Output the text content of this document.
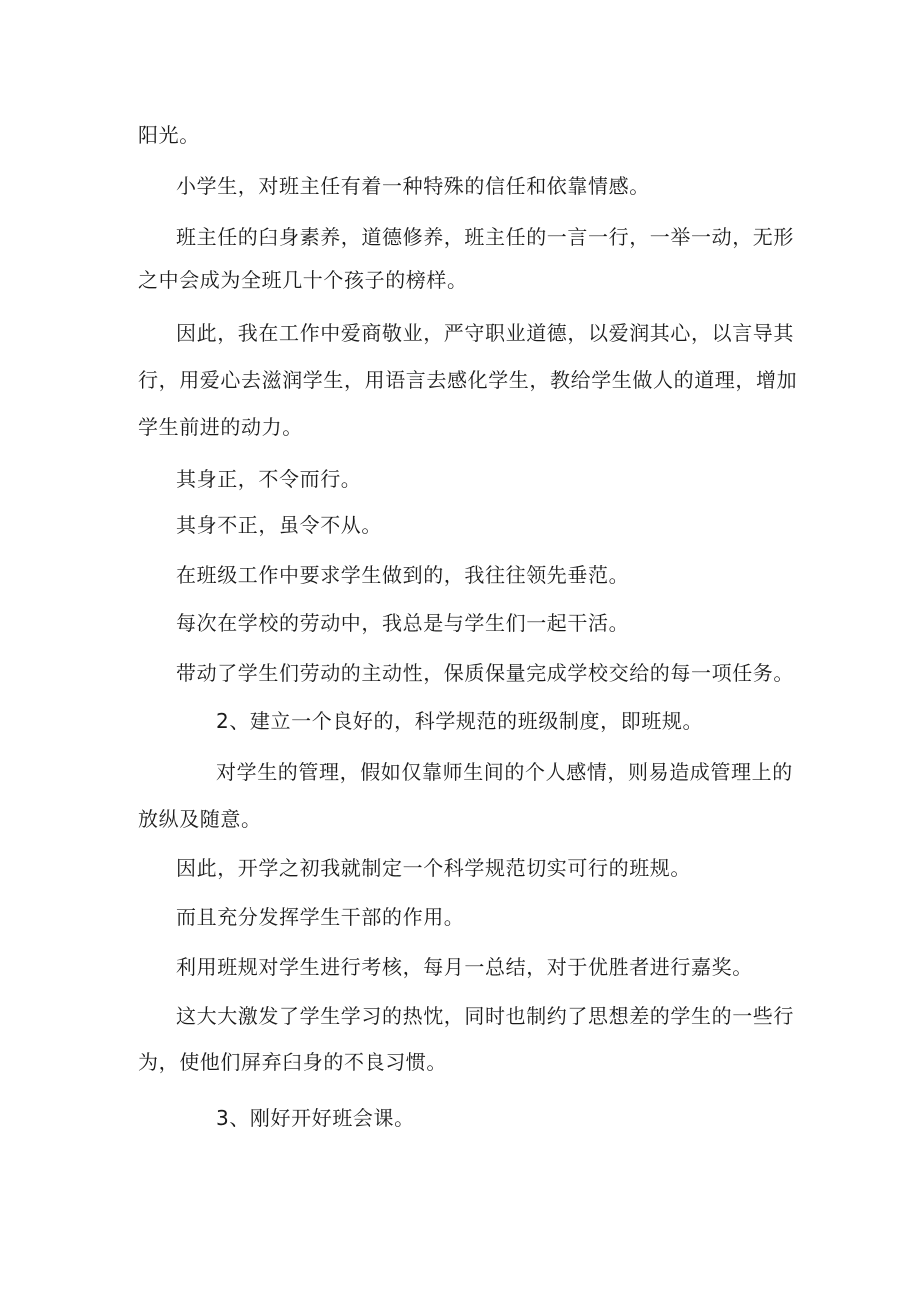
阳光。

小学生，对班主任有着一种特殊的信任和依靠情感。

班主任的臼身素养，道德修养，班主任的一言一行，一举一动，无形

之中会成为全班几十个孩子的榜样。

因此，我在工作中爱商敬业，严守职业道德，以爱润其心，以言导其

行，用爱心去滋润学生，用语言去感化学生，教给学生做人的道理，增加

学生前进的动力。

其身正，不令而行。

其身不正，虽令不从。

在班级工作中要求学生做到的，我往往领先垂范。

每次在学校的劳动中，我总是与学生们一起干活。

带动了学生们劳动的主动性，保质保量完成学校交给的每一项任务。

2、建立一个良好的，科学规范的班级制度，即班规。

对学生的管理，假如仅靠师生间的个人感情，则易造成管理上的

放纵及随意。

因此，开学之初我就制定一个科学规范切实可行的班规。

而且充分发挥学生干部的作用。

利用班规对学生进行考核，每月一总结，对于优胜者进行嘉奖。

这大大激发了学生学习的热忱，同时也制约了思想差的学生的一些行

为，使他们屏弃臼身的不良习惯。

3、刚好开好班会课。
